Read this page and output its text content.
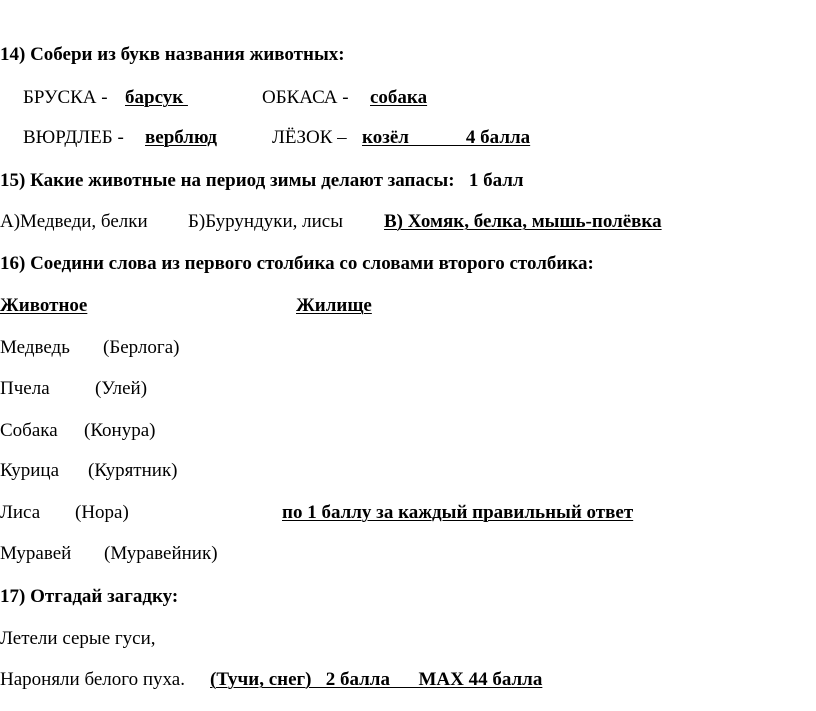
14) Собери из букв названия животных:
БРУСКА - барсук	ОБКАСА - собака
ВЮРДЛЕБ - верблюд	ЛЁЗОК – козёл            4 балла
15) Какие животные на период зимы делают запасы:   1 балл
А)Медведи, белки Б)Бурундуки, лисы В) Хомяк, белка, мышь-полёвка
16) Соедини слова из первого столбика со словами второго столбика:
Животное	Жилище
Медведь (Берлога)
Пчела (Улей)
Собака (Конура)
Курица (Курятник)
Лиса (Нора)	по 1 баллу за каждый правильный ответ
Муравей (Муравейник)
17) Отгадай загадку:
Летели серые гуси,
Нароняли белого пуха. (Тучи, снег)   2 балла      МАХ 44 балла
